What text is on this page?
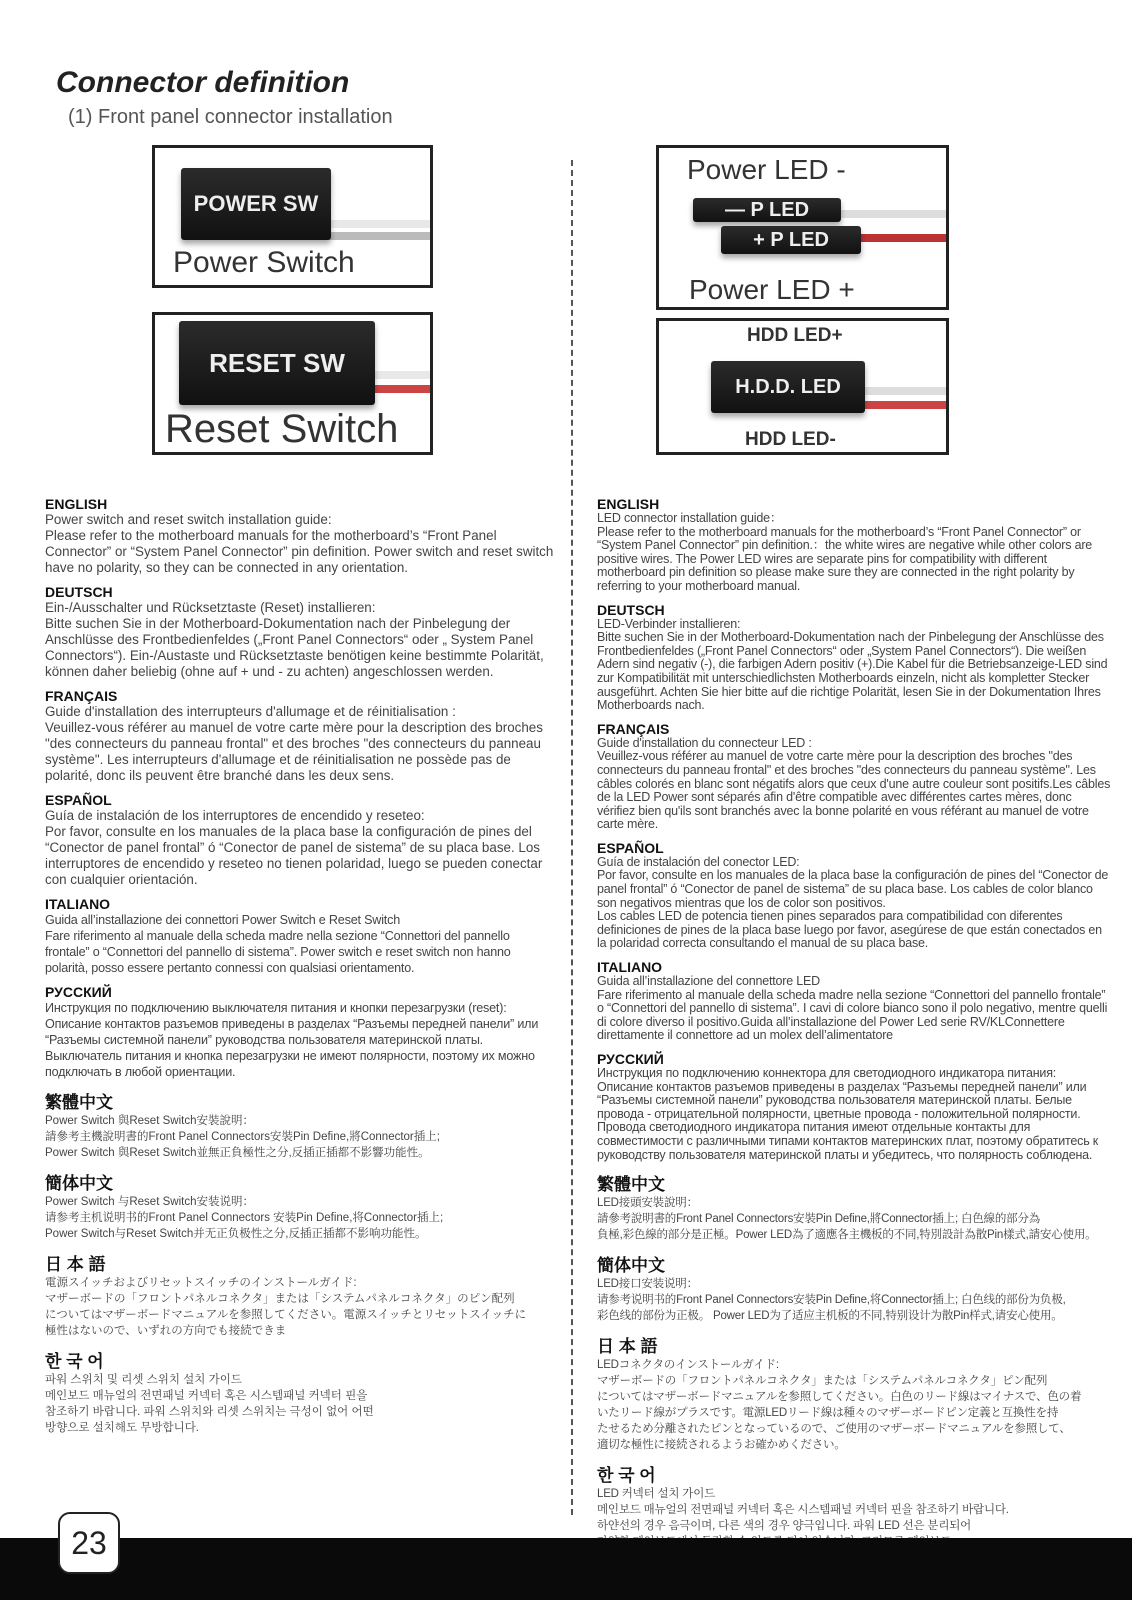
Connector definition
(1) Front panel connector installation
POWER SW
Power Switch
RESET SW
Reset Switch
Power LED -
— P LED
+ P LED
Power LED +
HDD LED+
H.D.D. LED
HDD LED-
ENGLISH
Power switch and reset switch installation guide:
Please refer to the motherboard manuals for the motherboard’s “Front Panel Connector” or “System Panel Connector” pin definition. Power switch and reset switch have no polarity, so they can be connected in any orientation.
DEUTSCH
Ein-/Ausschalter und Rücksetztaste (Reset) installieren:
Bitte suchen Sie in der Motherboard-Dokumentation nach der Pinbelegung der Anschlüsse des Frontbedienfeldes („Front Panel Connectors“ oder „ System Panel Connectors“). Ein-/Austaste und Rücksetztaste benötigen keine bestimmte Polarität, können daher beliebig (ohne auf + und - zu achten) angeschlossen werden.
FRANÇAIS
Guide d'installation des interrupteurs d'allumage et de réinitialisation :
Veuillez-vous référer au manuel de votre carte mère pour la description des broches "des connecteurs du panneau frontal" et des broches "des connecteurs du panneau système". Les interrupteurs d'allumage et de réinitialisation ne possède pas de polarité, donc ils peuvent être branché dans les deux sens.
ESPAÑOL
Guía de instalación de los interruptores de encendido y reseteo:
Por favor, consulte en los manuales de la placa base la configuración de pines del “Conector de panel frontal” ó “Conector de panel de sistema” de su placa base. Los interruptores de encendido y reseteo no tienen polaridad, luego se pueden conectar con cualquier orientación.
ITALIANO
Guida all’installazione dei connettori Power Switch e Reset Switch
Fare riferimento al manuale della scheda madre nella sezione “Connettori del pannello frontale” o “Connettori del pannello di sistema”. Power switch e reset switch non hanno polarità, posso essere pertanto connessi con qualsiasi orientamento.
РУССКИЙ
Инструкция по подключению выключателя питания и кнопки перезагрузки (reset):
Описание контактов разъемов приведены в разделах “Разъемы передней панели” или “Разъемы системной панели” руководства пользователя материнской платы. Выключатель питания и кнопка перезагрузки не имеют полярности, поэтому их можно подключать в любой ориентации.
繁體中文
Power Switch 與Reset Switch安裝說明：
請參考主機說明書的Front Panel Connectors安裝Pin Define,將Connector插上;
Power Switch 與Reset Switch並無正負極性之分,反插正插都不影響功能性。
簡体中文
Power Switch 与Reset Switch安装说明：
请参考主机说明书的Front Panel Connectors 安装Pin Define,将Connector插上;
Power Switch与Reset Switch并无正负极性之分,反插正插都不影响功能性。
日 本 語
電源スイッチおよびリセットスイッチのインストールガイド:
マザーボードの「フロントパネルコネクタ」または「システムパネルコネクタ」のピン配列
についてはマザーボードマニュアルを参照してください。電源スイッチとリセットスイッチに
極性はないので、いずれの方向でも接続できま
한 국 어
파워 스위치 및 리셋 스위치 설치 가이드
메인보드 매뉴얼의 전면패널 커넥터 혹은 시스템패널 커넥터 핀을
참조하기 바랍니다. 파워 스위치와 리셋 스위치는 극성이 없어 어떤
방향으로 설치해도 무방합니다.
ENGLISH
LED connector installation guide：
Please refer to the motherboard manuals for the motherboard’s “Front Panel Connector” or “System Panel Connector” pin definition.：the white wires are negative while other colors are positive wires. The Power LED wires are separate pins for compatibility with different motherboard pin definition so please make sure they are connected in the right polarity by referring to your motherboard manual.
DEUTSCH
LED-Verbinder installieren:
Bitte suchen Sie in der Motherboard-Dokumentation nach der Pinbelegung der Anschlüsse des Frontbedienfeldes („Front Panel Connectors“ oder „System Panel Connectors“). Die weißen Adern sind negativ (-), die farbigen Adern positiv (+).Die Kabel für die Betriebsanzeige-LED sind zur Kompatibilität mit unterschiedlichsten Motherboards einzeln, nicht als kompletter Stecker ausgeführt. Achten Sie hier bitte auf die richtige Polarität, lesen Sie in der Dokumentation Ihres Motherboards nach.
FRANÇAIS
Guide d'installation du connecteur LED :
Veuillez-vous référer au manuel de votre carte mère pour la description des broches "des connecteurs du panneau frontal" et des broches "des connecteurs du panneau système". Les câbles colorés en blanc sont négatifs alors que ceux d'une autre couleur sont positifs.Les câbles de la LED Power sont séparés afin d'être compatible avec différentes cartes mères, donc vérifiez bien qu'ils sont branchés avec la bonne polarité en vous référant au manuel de votre carte mère.
ESPAÑOL
Guía de instalación del conector LED:
Por favor, consulte en los manuales de la placa base la configuración de pines del “Conector de panel frontal” ó “Conector de panel de sistema” de su placa base. Los cables de color blanco son negativos mientras que los de color son positivos.
Los cables LED de potencia tienen pines separados para compatibilidad con diferentes definiciones de pines de la placa base luego por favor, asegúrese de que están conectados en la polaridad correcta consultando el manual de su placa base.
ITALIANO
Guida all’installazione del connettore LED
Fare riferimento al manuale della scheda madre nella sezione “Connettori del pannello frontale” o “Connettori del pannello di sistema”. I cavi di colore bianco sono il polo negativo, mentre quelli di colore diverso il positivo.Guida all’installazione del Power Led serie RV/KLConnettere direttamente il connettore ad un molex dell’alimentatore
РУССКИЙ
Инструкция по подключению коннектора для светодиодного индикатора питания:
Описание контактов разъемов приведены в разделах “Разъемы передней панели” или “Разъемы системной панели” руководства пользователя материнской платы. Белые провода - отрицательной полярности, цветные провода - положительной полярности. Провода светодиодного индикатора питания имеют отдельные контакты для совместимости с различными типами контактов материнских плат, поэтому обратитесь к руководству пользователя материнской платы и убедитесь, что полярность соблюдена.
繁體中文
LED接頭安裝說明：
請參考說明書的Front Panel Connectors安裝Pin Define,將Connector插上; 白色線的部分為
負極,彩色線的部分是正極。Power LED為了適應各主機板的不同,特別設計為散Pin樣式,請安心使用。
簡体中文
LED接口安装说明：
请参考说明书的Front Panel Connectors安装Pin Define,将Connector插上; 白色线的部份为负极,
彩色线的部份为正极。 Power LED为了适应主机板的不同,特别设计为散Pin样式,请安心使用。
日 本 語
LEDコネクタのインストールガイド:
マザーボードの「フロントパネルコネクタ」または「システムパネルコネクタ」ピン配列
についてはマザーボードマニュアルを参照してください。白色のリード線はマイナスで、色の着
いたリード線がプラスです。電源LEDリード線は種々のマザーボードピン定義と互換性を持
たせるため分離されたピンとなっているので、ご使用のマザーボードマニュアルを参照して、
適切な極性に接続されるようお確かめください。
한 국 어
LED 커넥터 설치 가이드
메인보드 매뉴얼의 전면패널 커넥터 혹은 시스템패널 커넥터 핀을 참조하기 바랍니다.
하얀선의 경우 음극이며, 다른 색의 경우 양극입니다. 파워 LED 선은 분리되어

23
